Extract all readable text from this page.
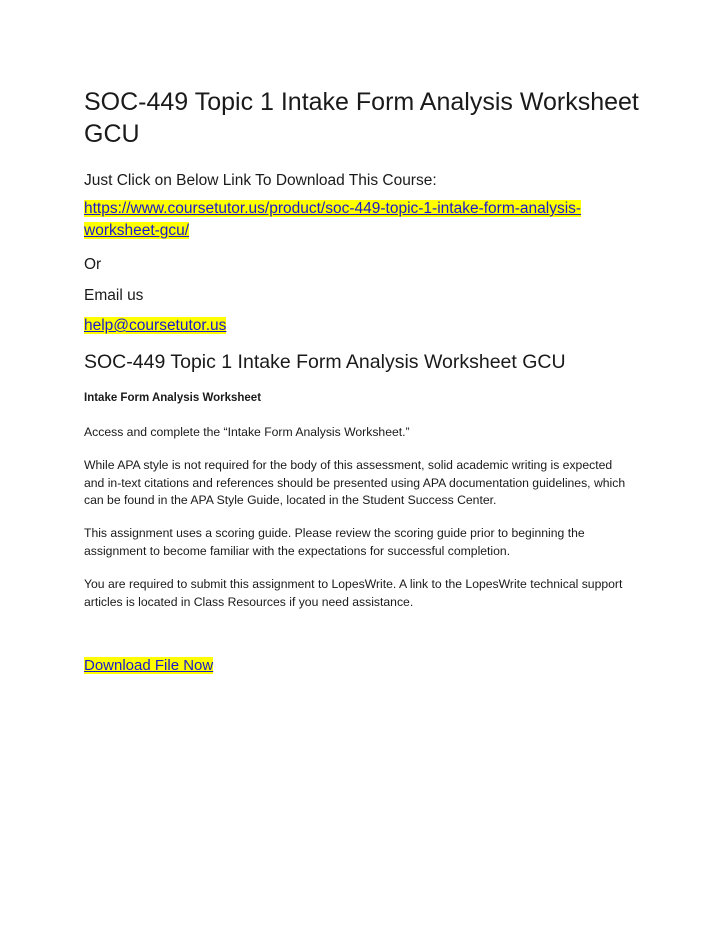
SOC-449 Topic 1 Intake Form Analysis Worksheet GCU

Just Click on Below Link To Download This Course:

https://www.coursetutor.us/product/soc-449-topic-1-intake-form-analysis-worksheet-gcu/

Or

Email us

help@coursetutor.us

SOC-449 Topic 1 Intake Form Analysis Worksheet GCU

Intake Form Analysis Worksheet

Access and complete the “Intake Form Analysis Worksheet.”

While APA style is not required for the body of this assessment, solid academic writing is expected and in-text citations and references should be presented using APA documentation guidelines, which can be found in the APA Style Guide, located in the Student Success Center.

This assignment uses a scoring guide. Please review the scoring guide prior to beginning the assignment to become familiar with the expectations for successful completion.

You are required to submit this assignment to LopesWrite. A link to the LopesWrite technical support articles is located in Class Resources if you need assistance.

Download File Now
